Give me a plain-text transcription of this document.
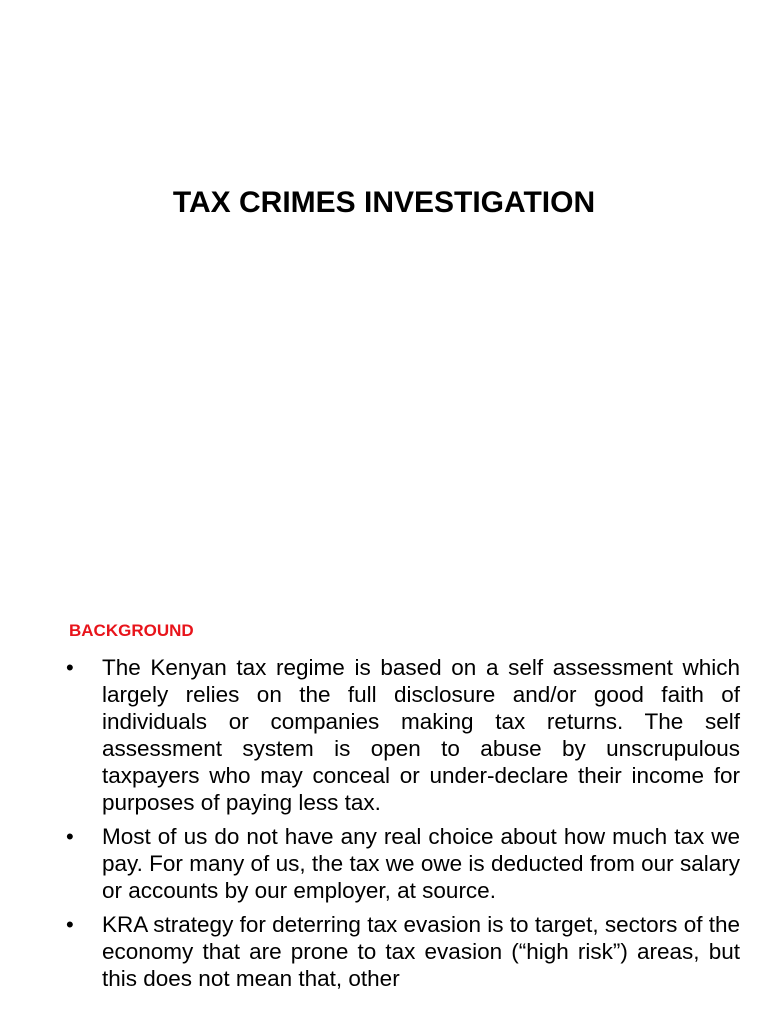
TAX CRIMES INVESTIGATION
BACKGROUND
• The Kenyan tax regime is based on a self assessment which largely relies on the full disclosure and/or good faith of individuals or companies making tax returns. The self assessment system is open to abuse by unscrupulous taxpayers who may conceal or under-declare their income for purposes of paying less tax.
• Most of us do not have any real choice about how much tax we pay. For many of us, the tax we owe is deducted from our salary or accounts by our employer, at source.
• KRA strategy for deterring tax evasion is to target, sectors of the economy that are prone to tax evasion (“high risk”) areas, but this does not mean that, other
